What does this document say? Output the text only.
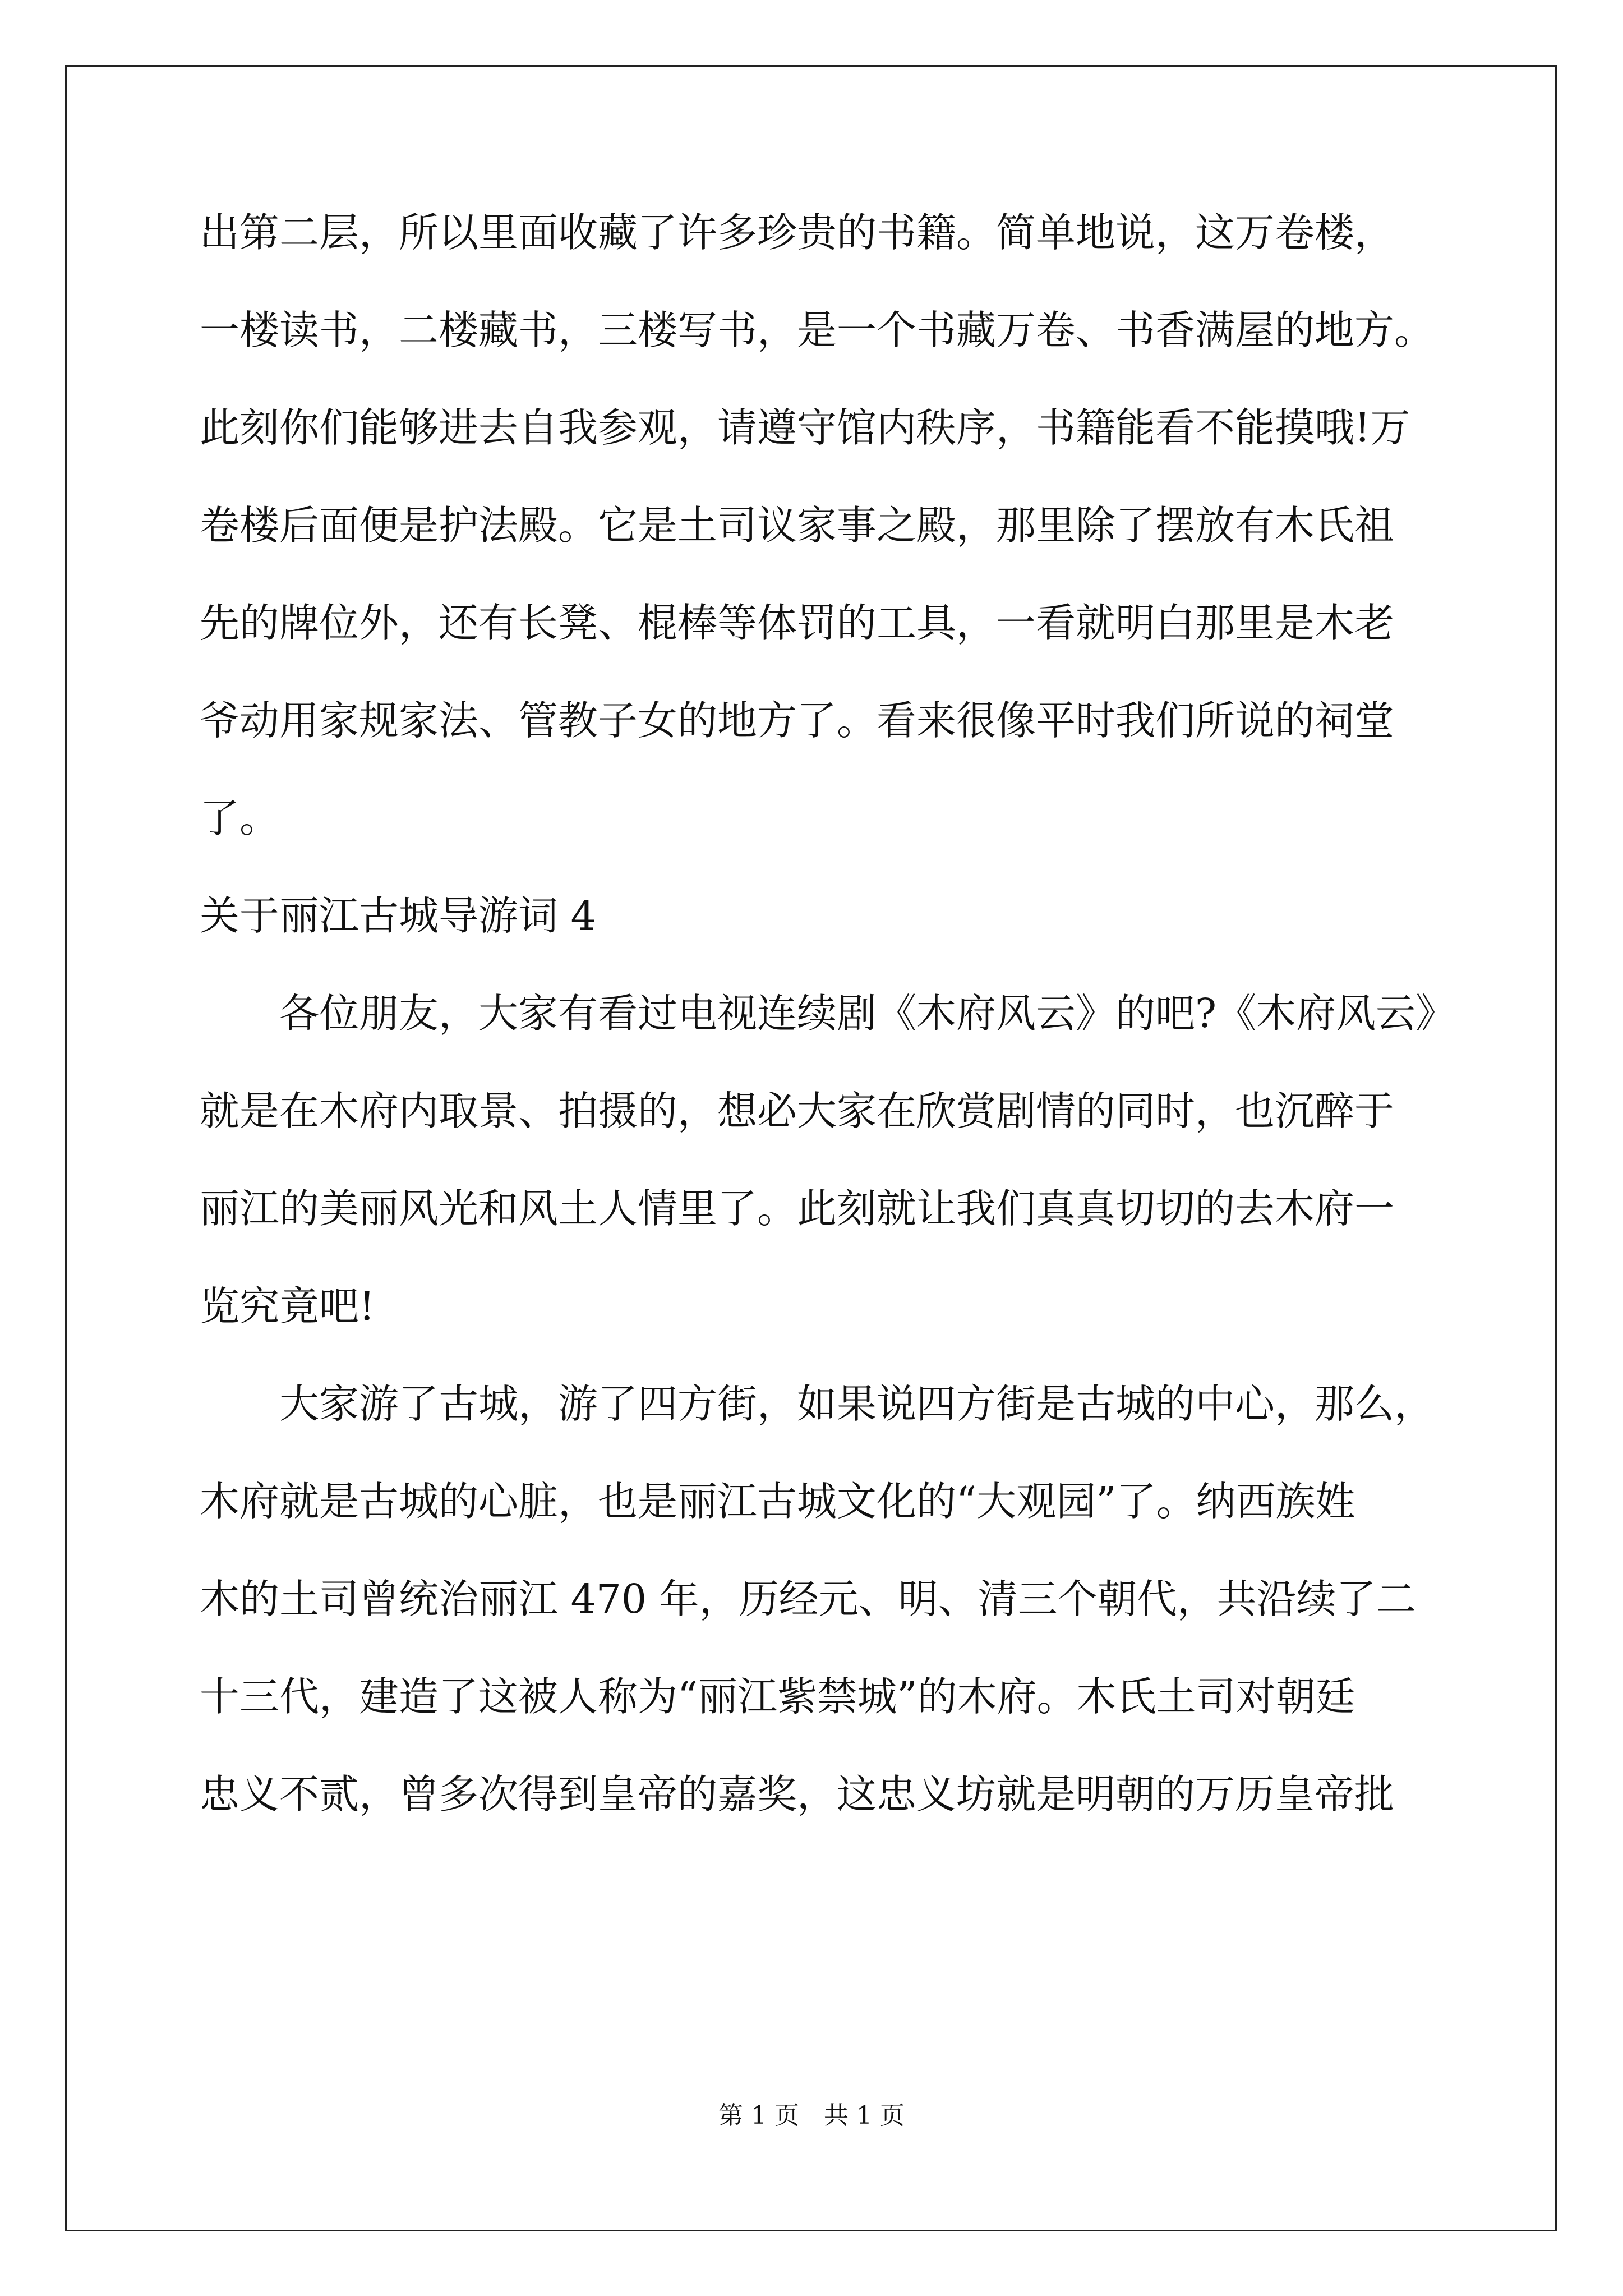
出第二层，所以里面收藏了许多珍贵的书籍。简单地说，这万卷楼，
一楼读书，二楼藏书，三楼写书，是一个书藏万卷、书香满屋的地方。
此刻你们能够进去自我参观，请遵守馆内秩序，书籍能看不能摸哦!万
卷楼后面便是护法殿。它是土司议家事之殿，那里除了摆放有木氏祖
先的牌位外，还有长凳、棍棒等体罚的工具，一看就明白那里是木老
爷动用家规家法、管教子女的地方了。看来很像平时我们所说的祠堂
了。
关于丽江古城导游词 4
　　各位朋友，大家有看过电视连续剧《木府风云》的吧?《木府风云》
就是在木府内取景、拍摄的，想必大家在欣赏剧情的同时，也沉醉于
丽江的美丽风光和风土人情里了。此刻就让我们真真切切的去木府一
览究竟吧!
　　大家游了古城，游了四方街，如果说四方街是古城的中心，那么，
木府就是古城的心脏，也是丽江古城文化的“大观园”了。纳西族姓
木的土司曾统治丽江 470 年，历经元、明、清三个朝代，共沿续了二
十三代，建造了这被人称为“丽江紫禁城”的木府。木氏土司对朝廷
忠义不贰，曾多次得到皇帝的嘉奖，这忠义坊就是明朝的万历皇帝批
第 1 页　共 1 页
